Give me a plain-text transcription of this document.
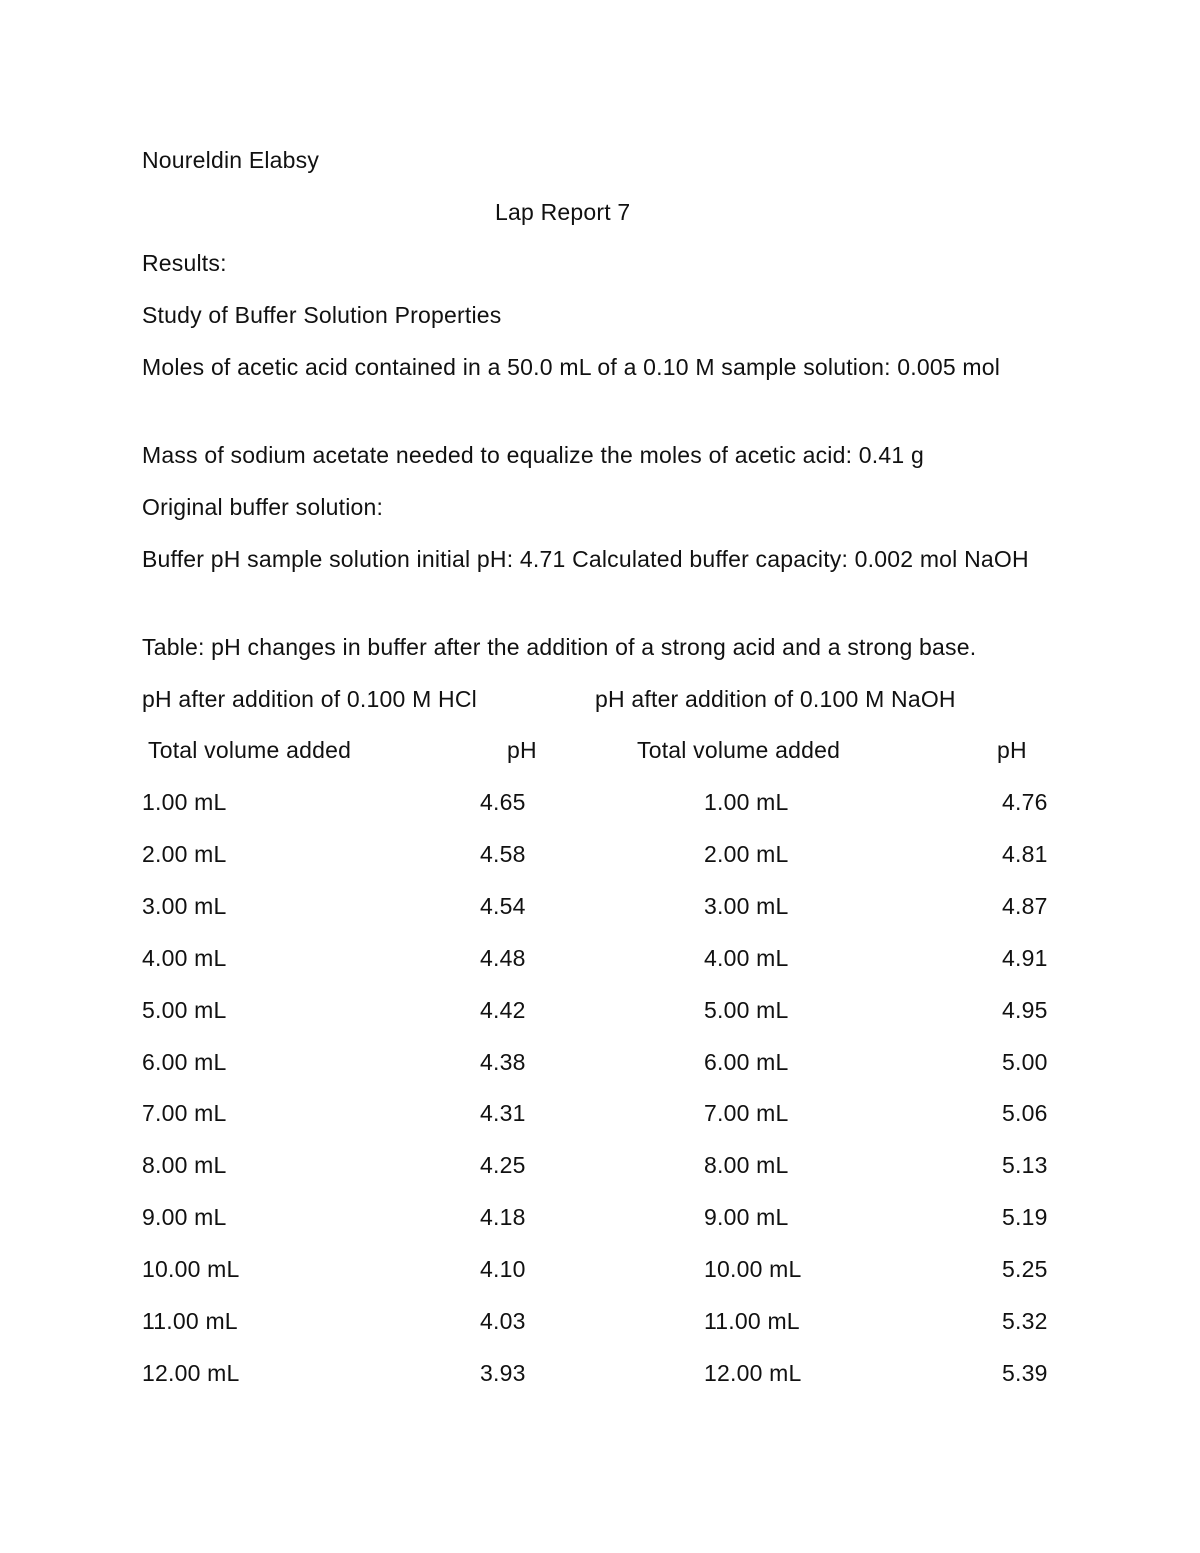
Noureldin Elabsy
Lap Report 7
Results:
Study of Buffer Solution Properties
Moles of acetic acid contained in a 50.0 mL of a 0.10 M sample solution: 0.005 mol
Mass of sodium acetate needed to equalize the moles of acetic acid: 0.41 g
Original buffer solution:
Buffer pH sample solution initial pH: 4.71 Calculated buffer capacity: 0.002 mol NaOH
Table: pH changes in buffer after the addition of a strong acid and a strong base.
pH after addition of 0.100 M HCl	pH after addition of 0.100 M NaOH
Total volume added	pH	Total volume added	pH
1.00 mL	4.65	1.00 mL	4.76
2.00 mL	4.58	2.00 mL	4.81
3.00 mL	4.54	3.00 mL	4.87
4.00 mL	4.48	4.00 mL	4.91
5.00 mL	4.42	5.00 mL	4.95
6.00 mL	4.38	6.00 mL	5.00
7.00 mL	4.31	7.00 mL	5.06
8.00 mL	4.25	8.00 mL	5.13
9.00 mL	4.18	9.00 mL	5.19
10.00 mL	4.10	10.00 mL	5.25
11.00 mL	4.03	11.00 mL	5.32
12.00 mL	3.93	12.00 mL	5.39
